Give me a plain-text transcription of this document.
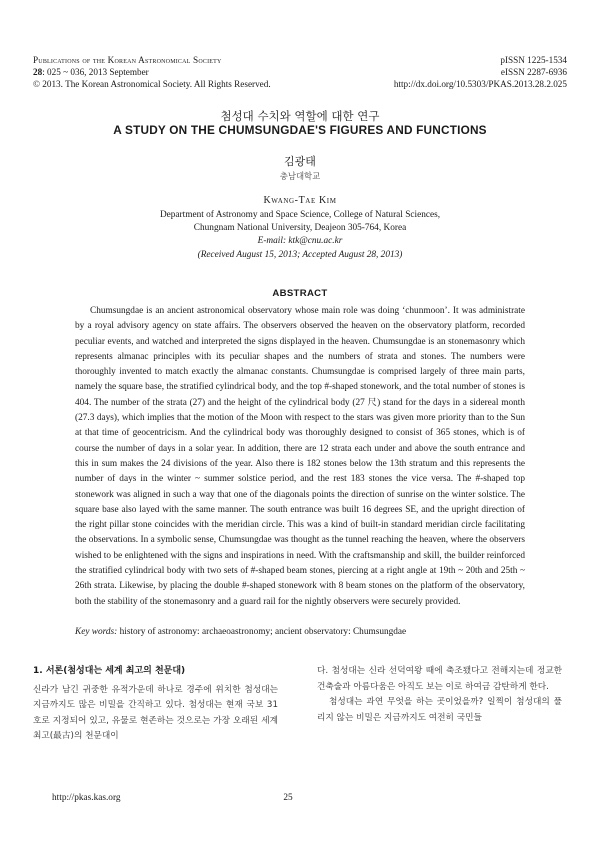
Publications of the Korean Astronomical Society
28: 025 ~ 036, 2013 September
© 2013. The Korean Astronomical Society. All Rights Reserved.
pISSN 1225-1534
eISSN 2287-6936
http://dx.doi.org/10.5303/PKAS.2013.28.2.025
첨성대 수치와 역할에 대한 연구
A STUDY ON THE CHUMSUNGDAE'S FIGURES AND FUNCTIONS
김광태
충남대학교
Kwang-Tae Kim
Department of Astronomy and Space Science, College of Natural Sciences,
Chungnam National University, Deajeon 305-764, Korea
E-mail: ktk@cnu.ac.kr
(Received August 15, 2013; Accepted August 28, 2013)
ABSTRACT
Chumsungdae is an ancient astronomical observatory whose main role was doing ‘chunmoon’. It was administrate by a royal advisory agency on state affairs. The observers observed the heaven on the observatory platform, recorded peculiar events, and watched and interpreted the signs displayed in the heaven. Chumsungdae is an stonemasonry which represents almanac principles with its peculiar shapes and the numbers of strata and stones. The numbers were thoroughly invented to match exactly the almanac constants. Chumsungdae is comprised largely of three main parts, namely the square base, the stratified cylindrical body, and the top #-shaped stonework, and the total number of stones is 404. The number of the strata (27) and the height of the cylindrical body (27 尺) stand for the days in a sidereal month (27.3 days), which implies that the motion of the Moon with respect to the stars was given more priority than to the Sun at that time of geocentricism. And the cylindrical body was thoroughly designed to consist of 365 stones, which is of course the number of days in a solar year. In addition, there are 12 strata each under and above the south entrance and this in sum makes the 24 divisions of the year. Also there is 182 stones below the 13th stratum and this represents the number of days in the winter ~ summer solstice period, and the rest 183 stones the vice versa. The #-shaped top stonework was aligned in such a way that one of the diagonals points the direction of sunrise on the winter solstice. The square base also layed with the same manner. The south entrance was built 16 degrees SE, and the upright direction of the right pillar stone coincides with the meridian circle. This was a kind of built-in standard meridian circle facilitating the observations. In a symbolic sense, Chumsungdae was thought as the tunnel reaching the heaven, where the observers wished to be enlightened with the signs and inspirations in need. With the craftsmanship and skill, the builder reinforced the stratified cylindrical body with two sets of #-shaped beam stones, piercing at a right angle at 19th ~ 20th and 25th ~ 26th strata. Likewise, by placing the double #-shaped stonework with 8 beam stones on the platform of the observatory, both the stability of the stonemasonry and a guard rail for the nightly observers were securely provided.
Key words: history of astronomy: archaeoastronomy; ancient observatory: Chumsungdae
1. 서론(첨성대는 세계 최고의 천문대)

신라가 남긴 귀중한 유적가운데 하나로 경주에 위치한 첨성대는 지금까지도 많은 비밀을 간직하고 있다. 첨성대는 현재 국보 31호로 지정되어 있고, 유물로 현존하는 것으로는 가장 오래된 세계 최고(最古)의 천문대이

다. 첨성대는 신라 선덕여왕 때에 축조됐다고 전해지는데 정교한 건축술과 아름다움은 아직도 보는 이로 하여금 감탄하게 한다.

첨성대는 과연 무엇을 하는 곳이었을까? 일찍이 첨성대의 풀리지 않는 비밀은 지금까지도 여전히 국민들

http://pkas.kas.org	25
